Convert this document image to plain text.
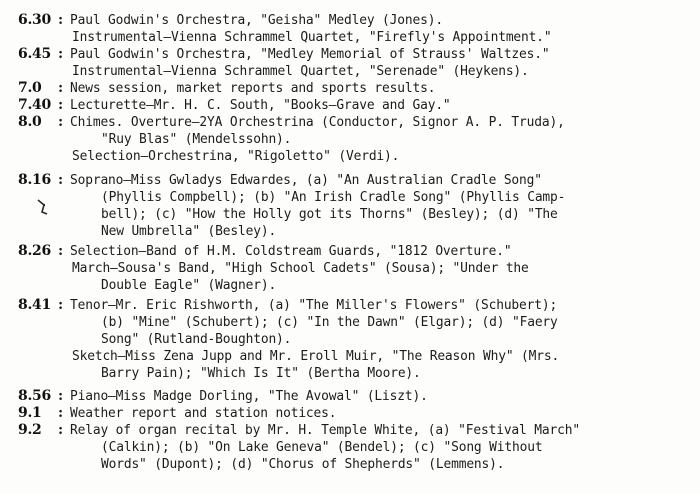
6.30 : Paul Godwin's Orchestra, "Geisha" Medley (Jones).
Instrumental—Vienna Schrammel Quartet, "Firefly's Appointment."
6.45 : Paul Godwin's Orchestra, "Medley Memorial of Strauss' Waltzes."
Instrumental—Vienna Schrammel Quartet, "Serenade" (Heykens).
7.0	: News session, market reports and sports results.
7.40 : Lecturette—Mr. H. C. South, "Books—Grave and Gay."
8.0	: Chimes. Overture—2YA Orchestrina (Conductor, Signor A. P. Truda),
"Ruy Blas" (Mendelssohn).
Selection—Orchestrina, "Rigoletto" (Verdi).
8.16 : Soprano—Miss Gwladys Edwardes, (a) "An Australian Cradle Song"
(Phyllis Compbell); (b) "An Irish Cradle Song" (Phyllis Camp-
bell); (c) "How the Holly got its Thorns" (Besley); (d) "The
New Umbrella" (Besley).
8.26 : Selection—Band of H.M. Coldstream Guards, "1812 Overture."
March—Sousa's Band, "High School Cadets" (Sousa); "Under the
Double Eagle" (Wagner).
8.41 : Tenor—Mr. Eric Rishworth, (a) "The Miller's Flowers" (Schubert);
(b) "Mine" (Schubert); (c) "In the Dawn" (Elgar); (d) "Faery
Song" (Rutland-Boughton).
Sketch—Miss Zena Jupp and Mr. Eroll Muir, "The Reason Why" (Mrs.
Barry Pain); "Which Is It" (Bertha Moore).
8.56 : Piano—Miss Madge Dorling, "The Avowal" (Liszt).
9.1	: Weather report and station notices.
9.2	: Relay of organ recital by Mr. H. Temple White, (a) "Festival March"
(Calkin); (b) "On Lake Geneva" (Bendel); (c) "Song Without
Words" (Dupont); (d) "Chorus of Shepherds" (Lemmens).
